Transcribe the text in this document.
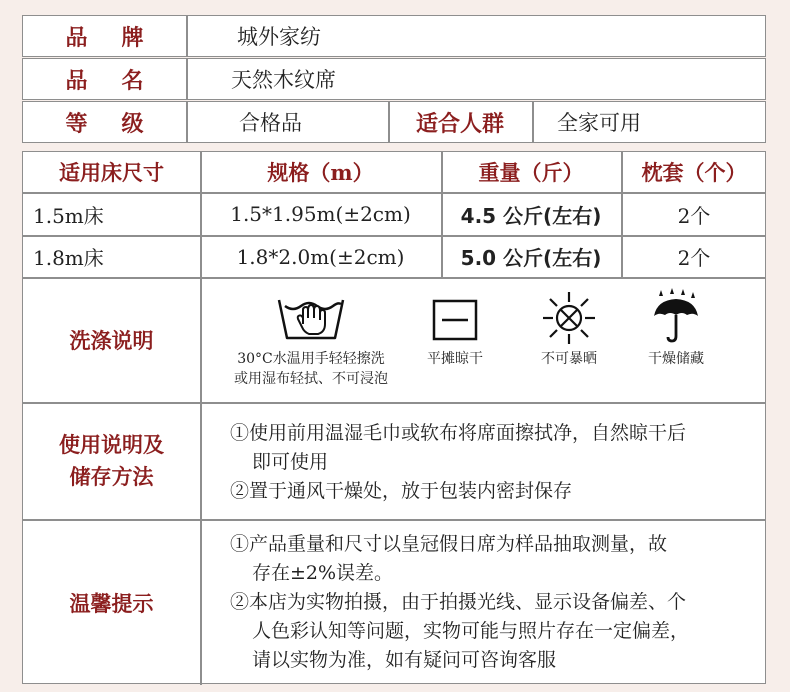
品牌	城外家纺
品名	天然木纹席
等级	合格品	适合人群	全家可用
适用床尺寸	规格（m）	重量（斤）	枕套（个）
1.5m床	1.5*1.95m(±2cm)	4.5 公斤(左右)	2个
1.8m床	1.8*2.0m(±2cm)	5.0 公斤(左右)	2个
洗涤说明
30°C水温用手轻轻擦洗
或用湿布轻拭、不可浸泡
平摊晾干	不可暴晒	干燥储藏
使用说明及
储存方法
①使用前用温湿毛巾或软布将席面擦拭净，自然晾干后
即可使用
②置于通风干燥处，放于包装内密封保存
温馨提示
①产品重量和尺寸以皇冠假日席为样品抽取测量，故
存在±2%误差。
②本店为实物拍摄，由于拍摄光线、显示设备偏差、个
人色彩认知等问题，实物可能与照片存在一定偏差，
请以实物为准，如有疑问可咨询客服
